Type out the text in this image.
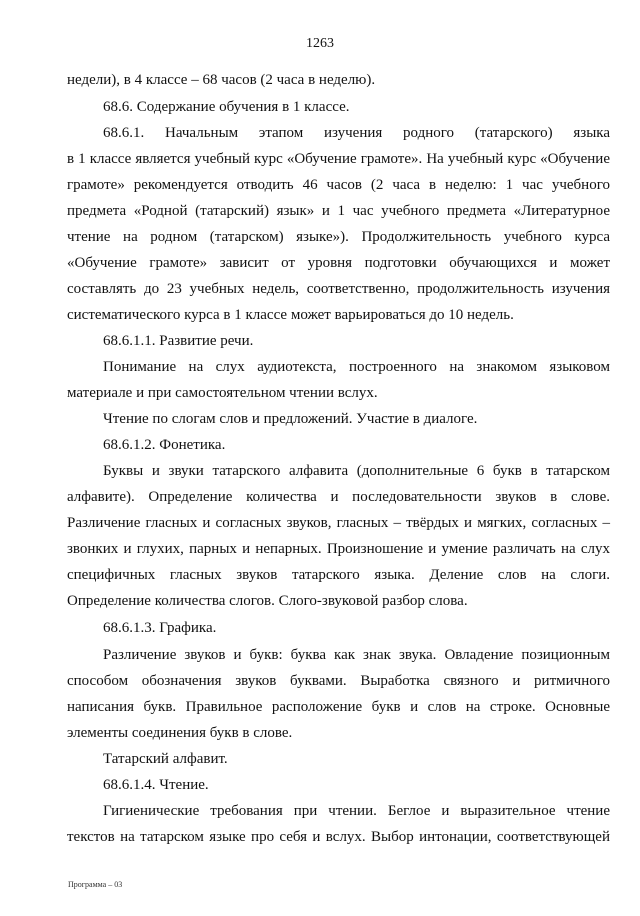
1263
недели), в 4 классе – 68 часов (2 часа в неделю).
68.6. Содержание обучения в 1 классе.
68.6.1. Начальным этапом изучения родного (татарского) языка
в 1 классе является учебный курс «Обучение грамоте». На учебный курс «Обучение
грамоте» рекомендуется отводить 46 часов (2 часа в неделю: 1 час учебного
предмета «Родной (татарский) язык» и 1 час учебного предмета «Литературное
чтение на родном (татарском) языке»). Продолжительность учебного курса
«Обучение грамоте» зависит от уровня подготовки обучающихся и может
составлять до 23 учебных недель, соответственно, продолжительность изучения
систематического курса в 1 классе может варьироваться до 10 недель.
68.6.1.1. Развитие речи.
Понимание на слух аудиотекста, построенного на знакомом языковом
материале и при самостоятельном чтении вслух.
Чтение по слогам слов и предложений. Участие в диалоге.
68.6.1.2. Фонетика.
Буквы и звуки татарского алфавита (дополнительные 6 букв в татарском
алфавите). Определение количества и последовательности звуков в слове.
Различение гласных и согласных звуков, гласных – твёрдых и мягких, согласных –
звонких и глухих, парных и непарных. Произношение и умение различать на слух
специфичных гласных звуков татарского языка. Деление слов на слоги.
Определение количества слогов. Слого-звуковой разбор слова.
68.6.1.3. Графика.
Различение звуков и букв: буква как знак звука. Овладение позиционным
способом обозначения звуков буквами. Выработка связного и ритмичного
написания букв. Правильное расположение букв и слов на строке. Основные
элементы соединения букв в слове.
Татарский алфавит.
68.6.1.4. Чтение.
Гигиенические требования при чтении. Беглое и выразительное чтение
текстов на татарском языке про себя и вслух. Выбор интонации, соответствующей
Программа – 03
